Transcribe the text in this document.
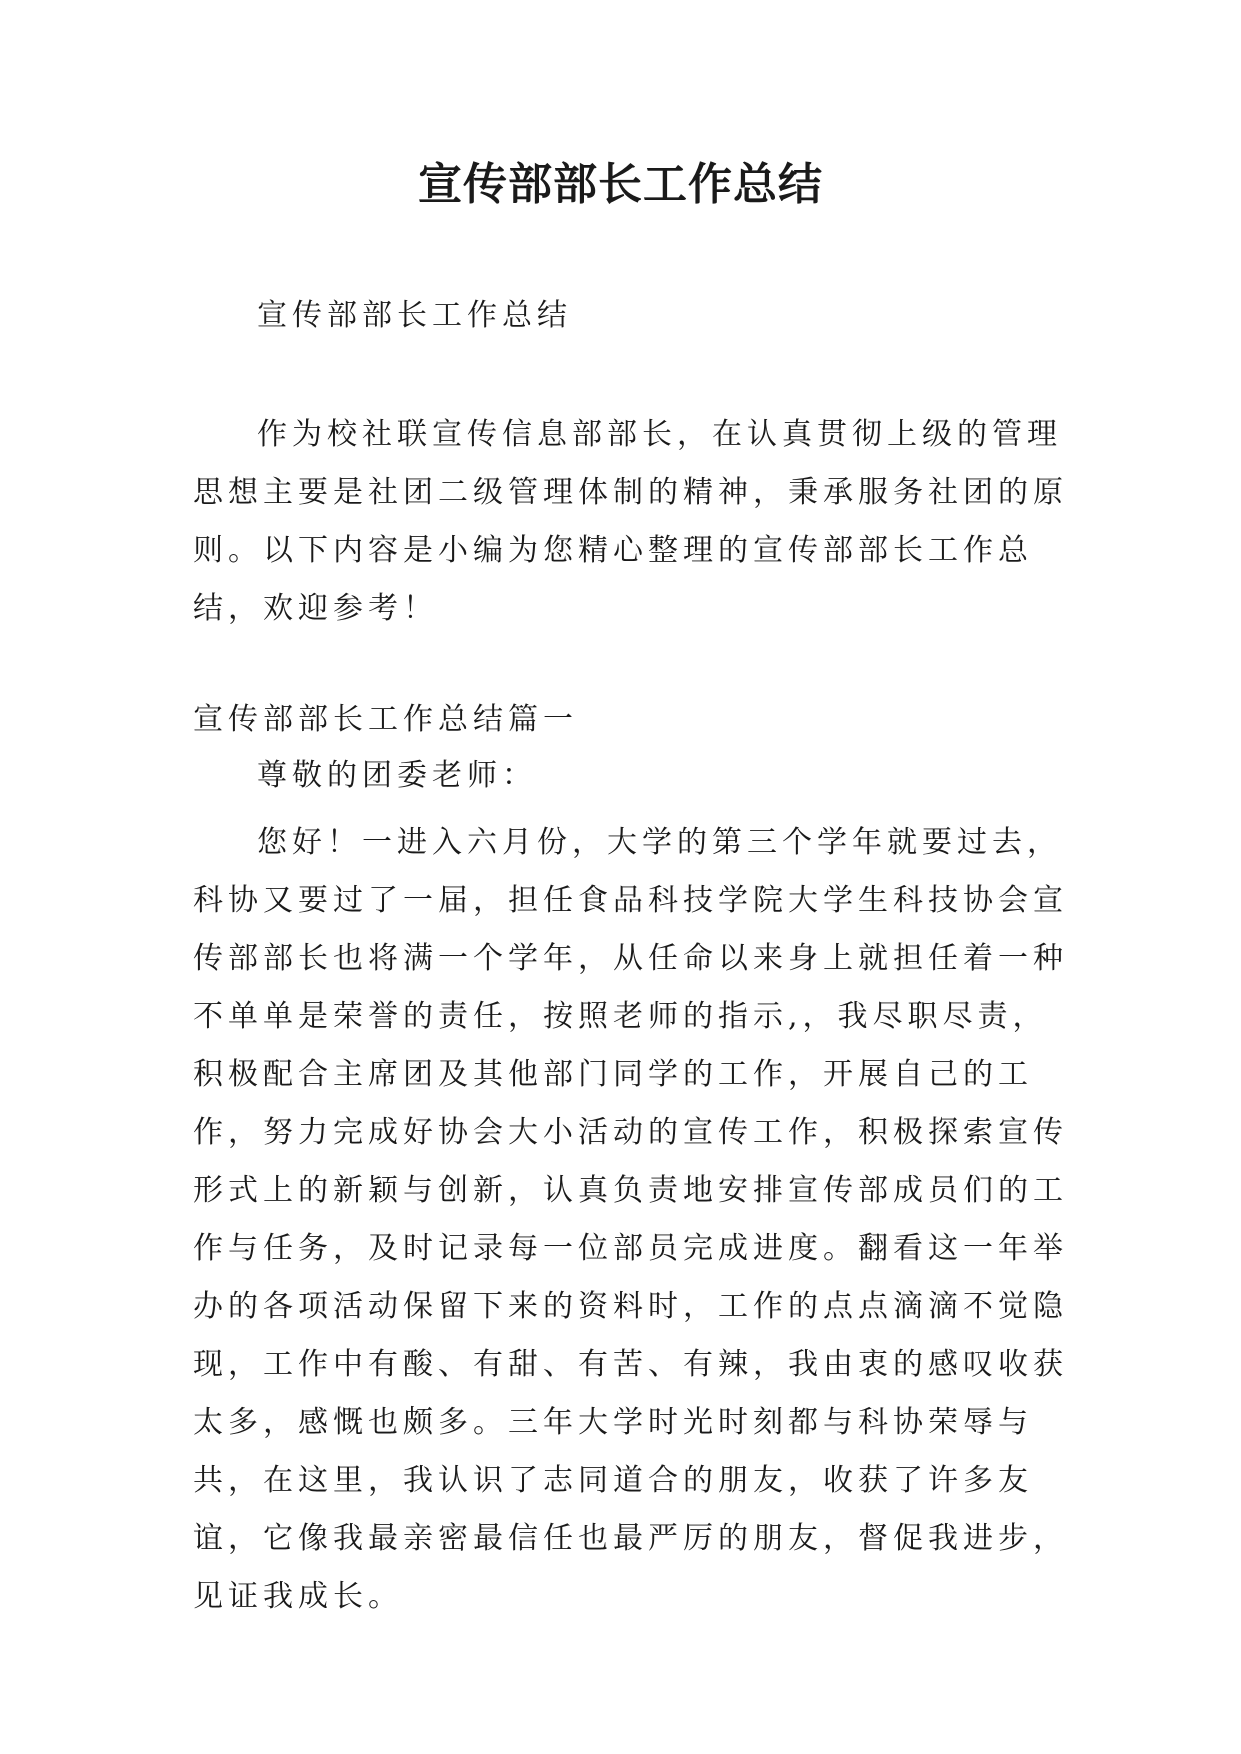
宣传部部长工作总结

宣传部部长工作总结

作为校社联宣传信息部部长，在认真贯彻上级的管理思想主要是社团二级管理体制的精神，秉承服务社团的原则。以下内容是小编为您精心整理的宣传部部长工作总结，欢迎参考！

宣传部部长工作总结篇一

尊敬的团委老师：

您好！一进入六月份，大学的第三个学年就要过去，科协又要过了一届，担任食品科技学院大学生科技协会宣传部部长也将满一个学年，从任命以来身上就担任着一种不单单是荣誉的责任，按照老师的指示,，我尽职尽责，积极配合主席团及其他部门同学的工作，开展自己的工作，努力完成好协会大小活动的宣传工作，积极探索宣传形式上的新颖与创新，认真负责地安排宣传部成员们的工作与任务，及时记录每一位部员完成进度。翻看这一年举办的各项活动保留下来的资料时，工作的点点滴滴不觉隐现，工作中有酸、有甜、有苦、有辣，我由衷的感叹收获太多，感慨也颇多。三年大学时光时刻都与科协荣辱与共，在这里，我认识了志同道合的朋友，收获了许多友谊，它像我最亲密最信任也最严厉的朋友，督促我进步，见证我成长。
